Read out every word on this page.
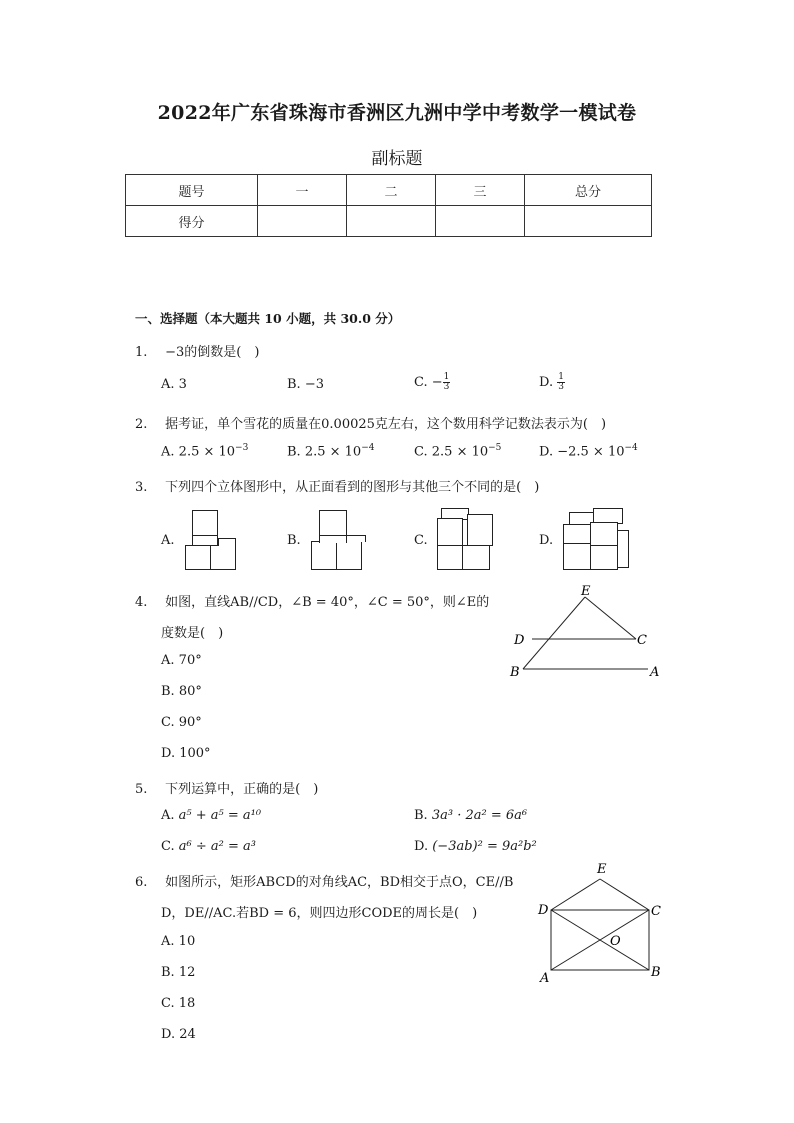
2022年广东省珠海市香洲区九洲中学中考数学一模试卷
副标题
题号	一	二	三	总分
得分				
一、选择题（本大题共 10 小题，共 30.0 分）
1. −3的倒数是(　)
A. 3	B. −3	C. − $\frac{1}{3}$	D. $\frac{1}{3}$
2. 据考证，单个雪花的质量在0.00025克左右，这个数用科学记数法表示为(　)
A. $2.5 \times 10^{-3}$	B. $2.5 \times 10^{-4}$	C. $2.5 \times 10^{-5}$	D. $-2.5 \times 10^{-4}$
3. 下列四个立体图形中，从正面看到的图形与其他三个不同的是(　)
A.	B.	C.	D.
4. 如图，直线AB//CD，∠B = 40°，∠C = 50°，则∠E的
度数是(　)
A. 70°
B. 80°
C. 90°
D. 100°
E
D	C
B	A
5. 下列运算中，正确的是(　)
A. a⁵ + a⁵ = a¹⁰	B. 3a³ · 2a² = 6a⁶
C. a⁶ ÷ a² = a³	D. (−3ab)² = 9a²b²
6. 如图所示，矩形ABCD的对角线AC，BD相交于点O，CE//B
D，DE//AC.若BD = 6，则四边形CODE的周长是(　)
A. 10
B. 12
C. 18
D. 24
E
D	C
O
A	B
